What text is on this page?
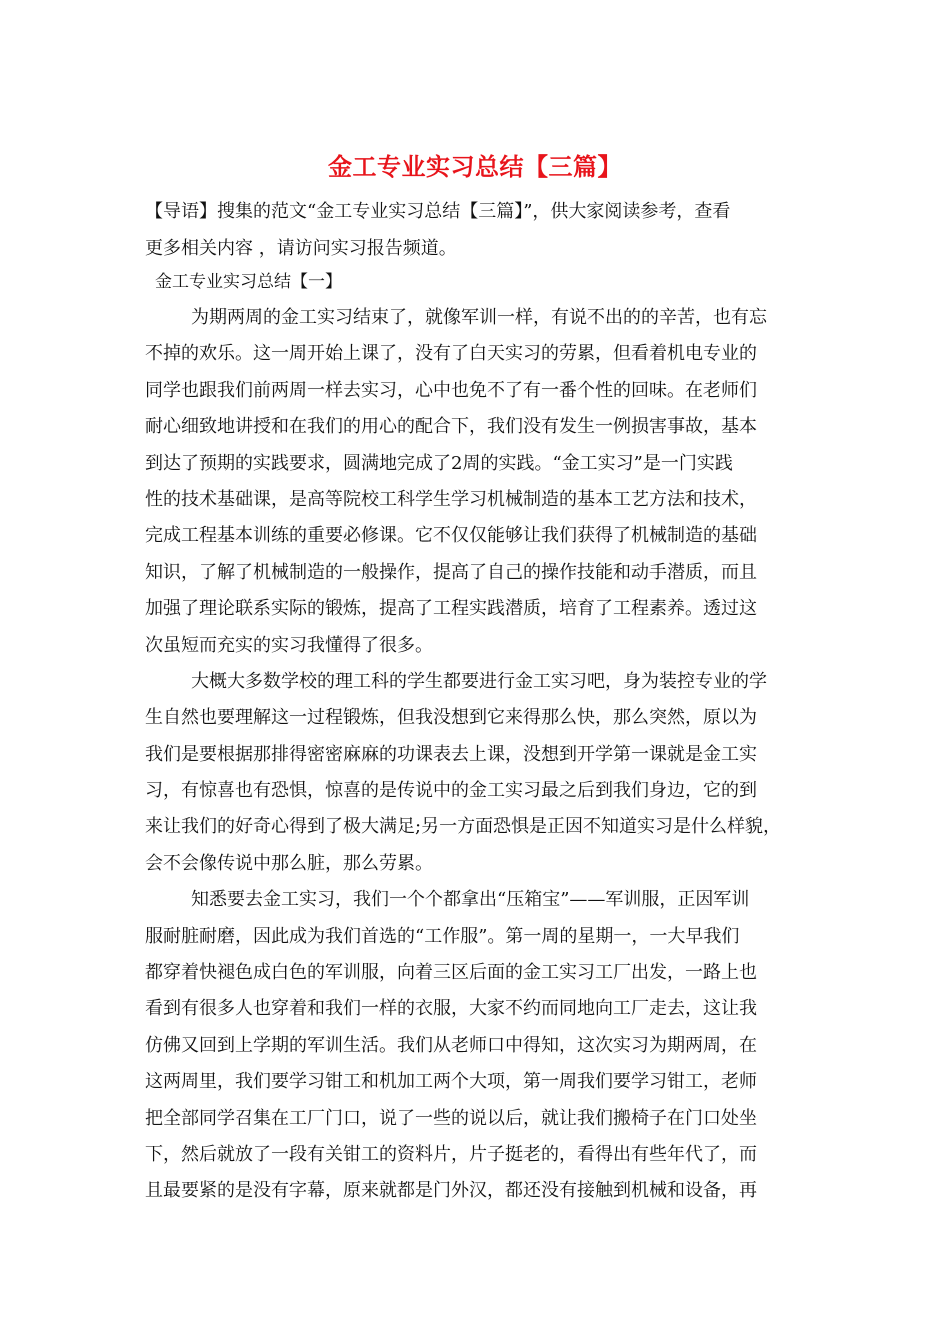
金工专业实习总结【三篇】
【导语】搜集的范文“金工专业实习总结【三篇】”，供大家阅读参考，查看
更多相关内容 ，请访问实习报告频道。
金工专业实习总结【一】
为期两周的金工实习结束了，就像军训一样，有说不出的的辛苦，也有忘
不掉的欢乐。这一周开始上课了，没有了白天实习的劳累，但看着机电专业的
同学也跟我们前两周一样去实习，心中也免不了有一番个性的回味。在老师们
耐心细致地讲授和在我们的用心的配合下，我们没有发生一例损害事故，基本
到达了预期的实践要求，圆满地完成了2周的实践。“金工实习”是一门实践
性的技术基础课，是高等院校工科学生学习机械制造的基本工艺方法和技术，
完成工程基本训练的重要必修课。它不仅仅能够让我们获得了机械制造的基础
知识，了解了机械制造的一般操作，提高了自己的操作技能和动手潜质，而且
加强了理论联系实际的锻炼，提高了工程实践潜质，培育了工程素养。透过这
次虽短而充实的实习我懂得了很多。
大概大多数学校的理工科的学生都要进行金工实习吧，身为装控专业的学
生自然也要理解这一过程锻炼，但我没想到它来得那么快，那么突然，原以为
我们是要根据那排得密密麻麻的功课表去上课，没想到开学第一课就是金工实
习，有惊喜也有恐惧，惊喜的是传说中的金工实习最之后到我们身边，它的到
来让我们的好奇心得到了极大满足;另一方面恐惧是正因不知道实习是什么样貌，
会不会像传说中那么脏，那么劳累。
知悉要去金工实习，我们一个个都拿出“压箱宝”——军训服，正因军训
服耐脏耐磨，因此成为我们首选的“工作服”。第一周的星期一，一大早我们
都穿着快褪色成白色的军训服，向着三区后面的金工实习工厂出发，一路上也
看到有很多人也穿着和我们一样的衣服，大家不约而同地向工厂走去，这让我
仿佛又回到上学期的军训生活。我们从老师口中得知，这次实习为期两周，在
这两周里，我们要学习钳工和机加工两个大项，第一周我们要学习钳工，老师
把全部同学召集在工厂门口，说了一些的说以后，就让我们搬椅子在门口处坐
下，然后就放了一段有关钳工的资料片，片子挺老的，看得出有些年代了，而
且最要紧的是没有字幕，原来就都是门外汉，都还没有接触到机械和设备，再
